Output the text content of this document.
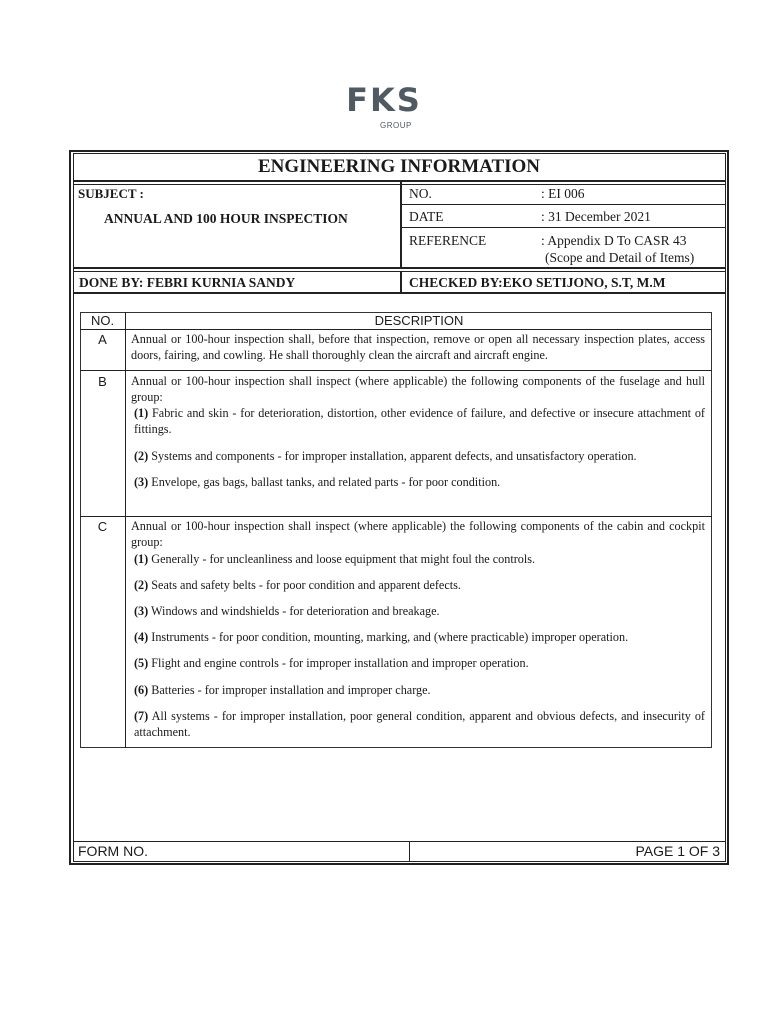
FKS
GROUP
ENGINEERING INFORMATION
SUBJECT :
ANNUAL AND 100 HOUR INSPECTION
NO.	: EI 006
DATE	: 31 December 2021
REFERENCE	: Appendix D To CASR 43
(Scope and Detail of Items)
DONE BY: FEBRI KURNIA SANDY	CHECKED BY:EKO SETIJONO, S.T, M.M
NO.	DESCRIPTION
A	Annual or 100-hour inspection shall, before that inspection, remove or open all necessary inspection plates, access doors, fairing, and cowling. He shall thoroughly clean the aircraft and aircraft engine.
B	Annual or 100-hour inspection shall inspect (where applicable) the following components of the fuselage and hull group:

(1) Fabric and skin - for deterioration, distortion, other evidence of failure, and defective or insecure attachment of fittings.

(2) Systems and components - for improper installation, apparent defects, and unsatisfactory operation.

(3) Envelope, gas bags, ballast tanks, and related parts - for poor condition.

C	Annual or 100-hour inspection shall inspect (where applicable) the following components of the cabin and cockpit group:

(1) Generally - for uncleanliness and loose equipment that might foul the controls.

(2) Seats and safety belts - for poor condition and apparent defects.

(3) Windows and windshields - for deterioration and breakage.

(4) Instruments - for poor condition, mounting, marking, and (where practicable) improper operation.

(5) Flight and engine controls - for improper installation and improper operation.

(6) Batteries - for improper installation and improper charge.

(7) All systems - for improper installation, poor general condition, apparent and obvious defects, and insecurity of attachment.

FORM NO.	PAGE 1 OF 3
